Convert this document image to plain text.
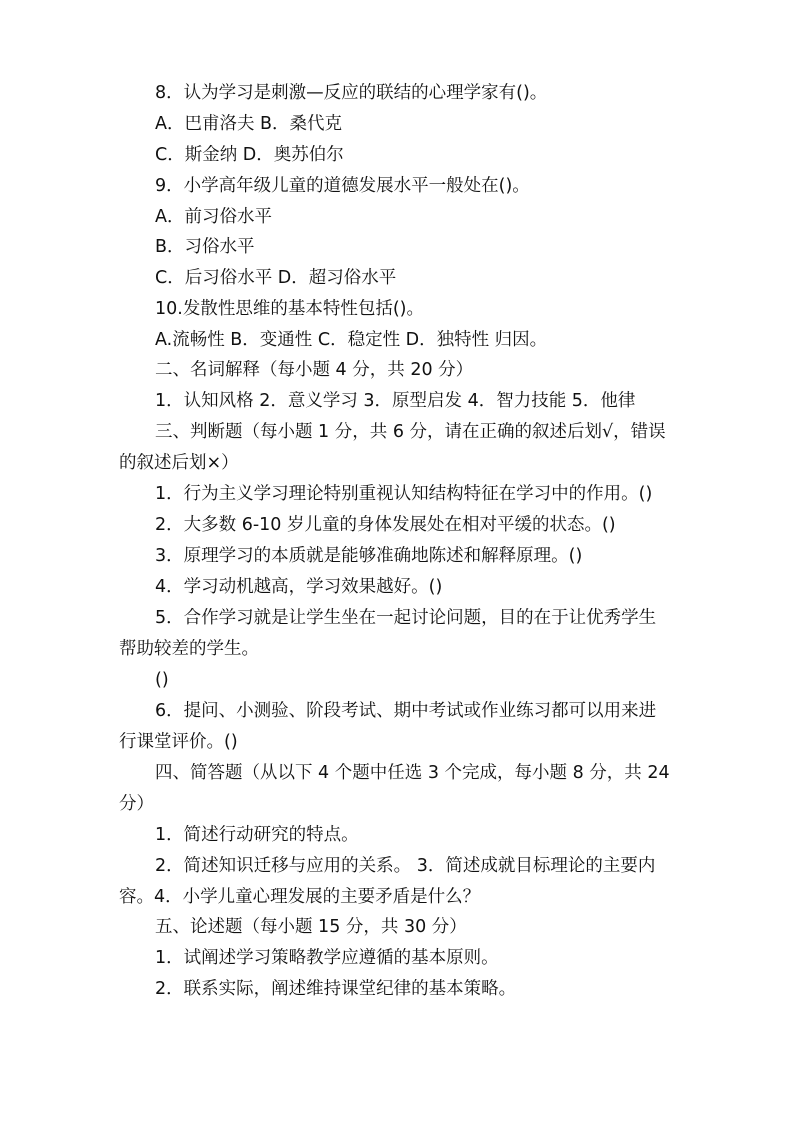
8．认为学习是刺激—反应的联结的心理学家有()。
A．巴甫洛夫 B．桑代克
C．斯金纳 D．奥苏伯尔
9．小学高年级儿童的道德发展水平一般处在()。
A．前习俗水平
B．习俗水平
C．后习俗水平 D．超习俗水平
10.发散性思维的基本特性包括()。
A.流畅性 B．变通性 C．稳定性 D．独特性 归因。
二、名词解释（每小题 4 分，共 20 分）
1．认知风格 2．意义学习 3．原型启发 4．智力技能 5．他律
三、判断题（每小题 1 分，共 6 分，请在正确的叙述后划√，错误
的叙述后划×）
1．行为主义学习理论特别重视认知结构特征在学习中的作用。()
2．大多数 6-10 岁儿童的身体发展处在相对平缓的状态。()
3．原理学习的本质就是能够准确地陈述和解释原理。()
4．学习动机越高，学习效果越好。()
5．合作学习就是让学生坐在一起讨论问题，目的在于让优秀学生
帮助较差的学生。
()
6．提问、小测验、阶段考试、期中考试或作业练习都可以用来进
行课堂评价。()
四、简答题（从以下 4 个题中任选 3 个完成，每小题 8 分，共 24
分）
1．简述行动研究的特点。
2．简述知识迁移与应用的关系。 3．简述成就目标理论的主要内
容。4．小学儿童心理发展的主要矛盾是什么？
五、论述题（每小题 15 分，共 30 分）
1．试阐述学习策略教学应遵循的基本原则。
2．联系实际，阐述维持课堂纪律的基本策略。
